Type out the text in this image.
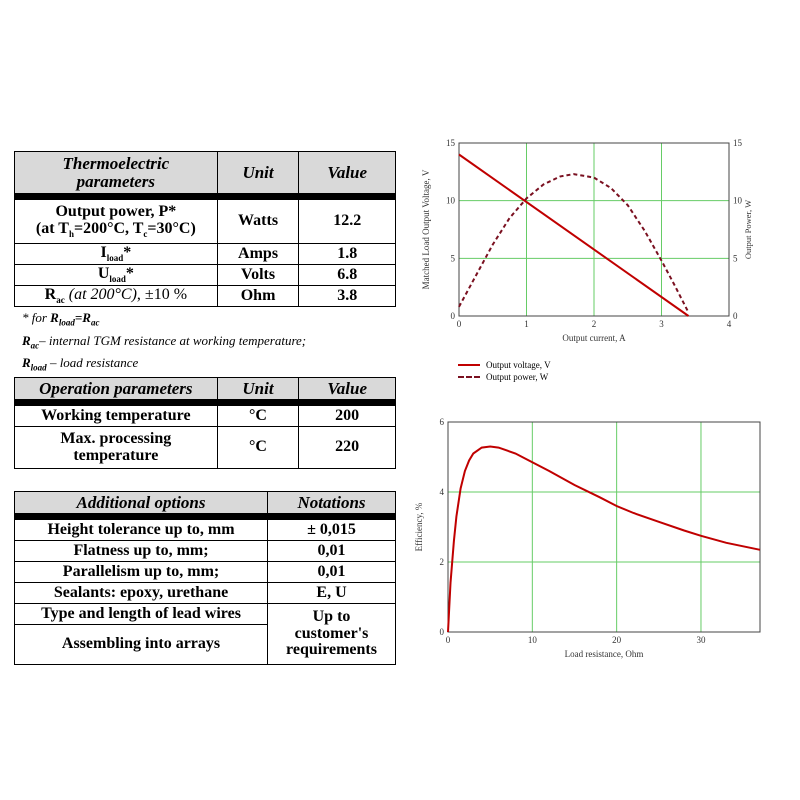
Thermoelectric parameters	Unit	Value

Output power, P*
(at $T_h=200^\circ C$, $T_c=30^\circ C$)	Watts	12.2
$I_{load}*$	Amps	1.8
$U_{load}*$	Volts	6.8
$R_{ac}$ (at 200°C), ±10 %	Ohm	3.8
* for $R_{load}=R_{ac}$
$R_{ac}-$ internal TGM resistance at working temperature;
$R_{load}$ – load resistance
Operation parameters	Unit	Value

Working temperature	°C	200
Max. processing temperature	°C	220
Additional options	Notations

Height tolerance up to, mm	± 0,015
Flatness up to, mm;	0,01
Parallelism up to, mm;	0,01
Sealants: epoxy, urethane	E, U
Type and length of lead wires	Up to customer's requirements
Assembling into arrays	
0	1	2	3	4
0
5
10
15
0
5
10
15
Output Power, W
Output current, A
Matched Load Output Voltage, V
Output voltage, V
Output power, W
0	10	20	30
0
2
4
6
Load resistance, Ohm
Efficiency, %
